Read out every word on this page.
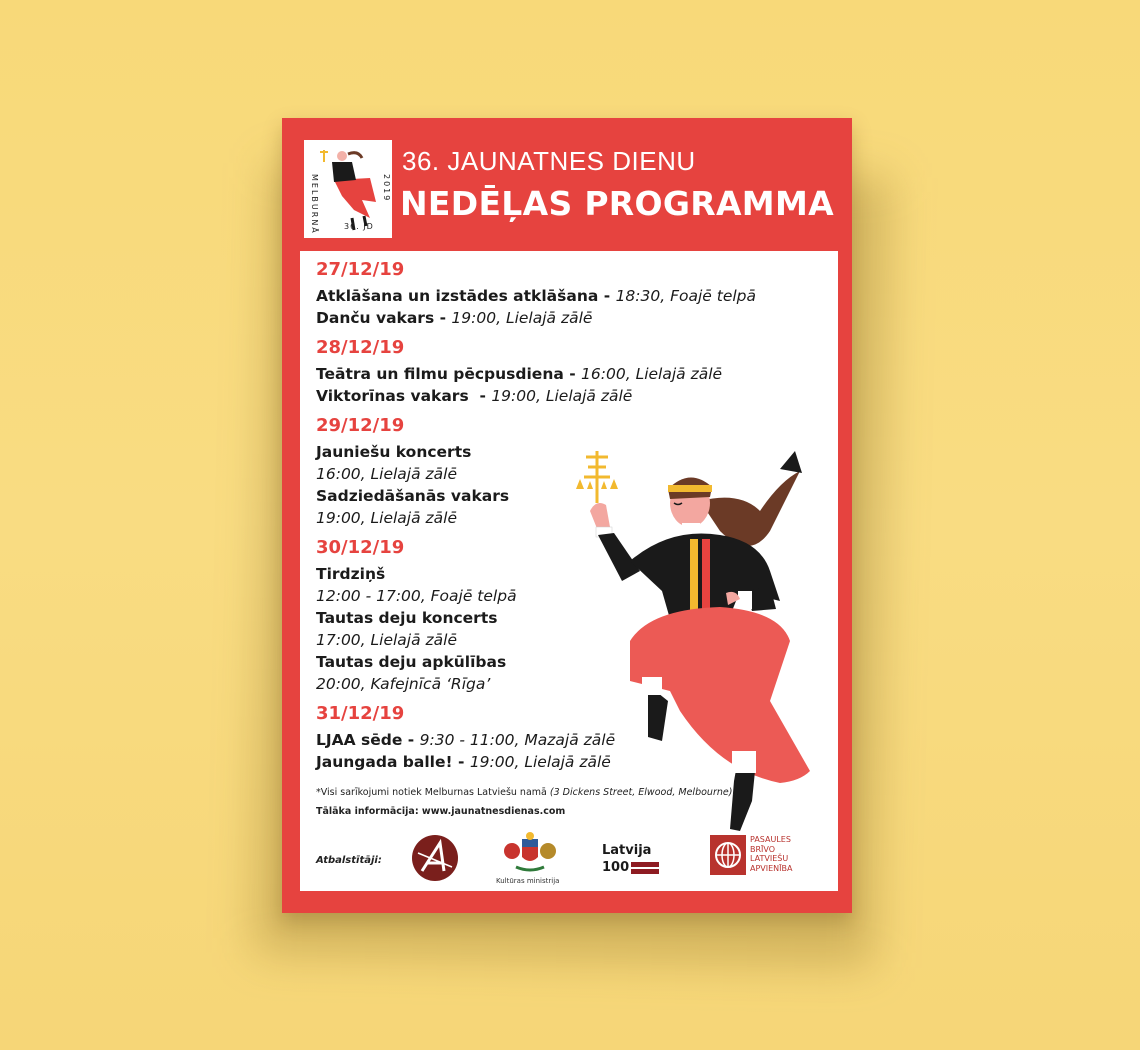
MELBURNĀ	2019
36. JD
36. JAUNATNES DIENU
NEDĒĻAS PROGRAMMA
27/12/19
Atklāšana un izstādes atklāšana - 18:30, Foajē telpā
Danču vakars - 19:00, Lielajā zālē
28/12/19
Teātra un filmu pēcpusdiena - 16:00, Lielajā zālē
Viktorīnas vakars  - 19:00, Lielajā zālē
29/12/19
Jauniešu koncerts
16:00, Lielajā zālē
Sadziedāšanās vakars
19:00, Lielajā zālē
30/12/19
Tirdziņš
12:00 - 17:00, Foajē telpā
Tautas deju koncerts
17:00, Lielajā zālē
Tautas deju apkūlības
20:00, Kafejnīcā ‘Rīga’
31/12/19
LJAA sēde - 9:30 - 11:00, Mazajā zālē
Jaungada balle! - 19:00, Lielajā zālē
*Visi sarīkojumi notiek Melburnas Latviešu namā (3 Dickens Street, Elwood, Melbourne).
Tālāka informācija: www.jaunatnesdienas.com
Atbalstītāji:
Kultūras ministrija
Latvija
100
PASAULES
BRĪVO
LATVIEŠU
APVIENĪBA
